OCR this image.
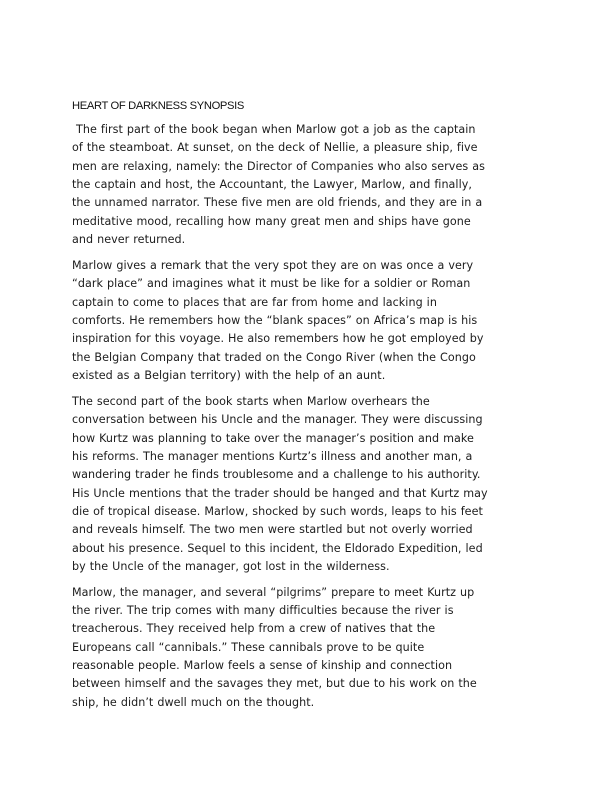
HEART OF DARKNESS SYNOPSIS

The first part of the book began when Marlow got a job as the captain
of the steamboat. At sunset, on the deck of Nellie, a pleasure ship, five
men are relaxing, namely: the Director of Companies who also serves as
the captain and host, the Accountant, the Lawyer, Marlow, and finally,
the unnamed narrator. These five men are old friends, and they are in a
meditative mood, recalling how many great men and ships have gone
and never returned.

Marlow gives a remark that the very spot they are on was once a very
“dark place” and imagines what it must be like for a soldier or Roman
captain to come to places that are far from home and lacking in
comforts. He remembers how the “blank spaces” on Africa’s map is his
inspiration for this voyage. He also remembers how he got employed by
the Belgian Company that traded on the Congo River (when the Congo
existed as a Belgian territory) with the help of an aunt.

The second part of the book starts when Marlow overhears the
conversation between his Uncle and the manager. They were discussing
how Kurtz was planning to take over the manager’s position and make
his reforms. The manager mentions Kurtz’s illness and another man, a
wandering trader he finds troublesome and a challenge to his authority.
His Uncle mentions that the trader should be hanged and that Kurtz may
die of tropical disease. Marlow, shocked by such words, leaps to his feet
and reveals himself. The two men were startled but not overly worried
about his presence. Sequel to this incident, the Eldorado Expedition, led
by the Uncle of the manager, got lost in the wilderness.

Marlow, the manager, and several “pilgrims” prepare to meet Kurtz up
the river. The trip comes with many difficulties because the river is
treacherous. They received help from a crew of natives that the
Europeans call “cannibals.” These cannibals prove to be quite
reasonable people. Marlow feels a sense of kinship and connection
between himself and the savages they met, but due to his work on the
ship, he didn’t dwell much on the thought.
